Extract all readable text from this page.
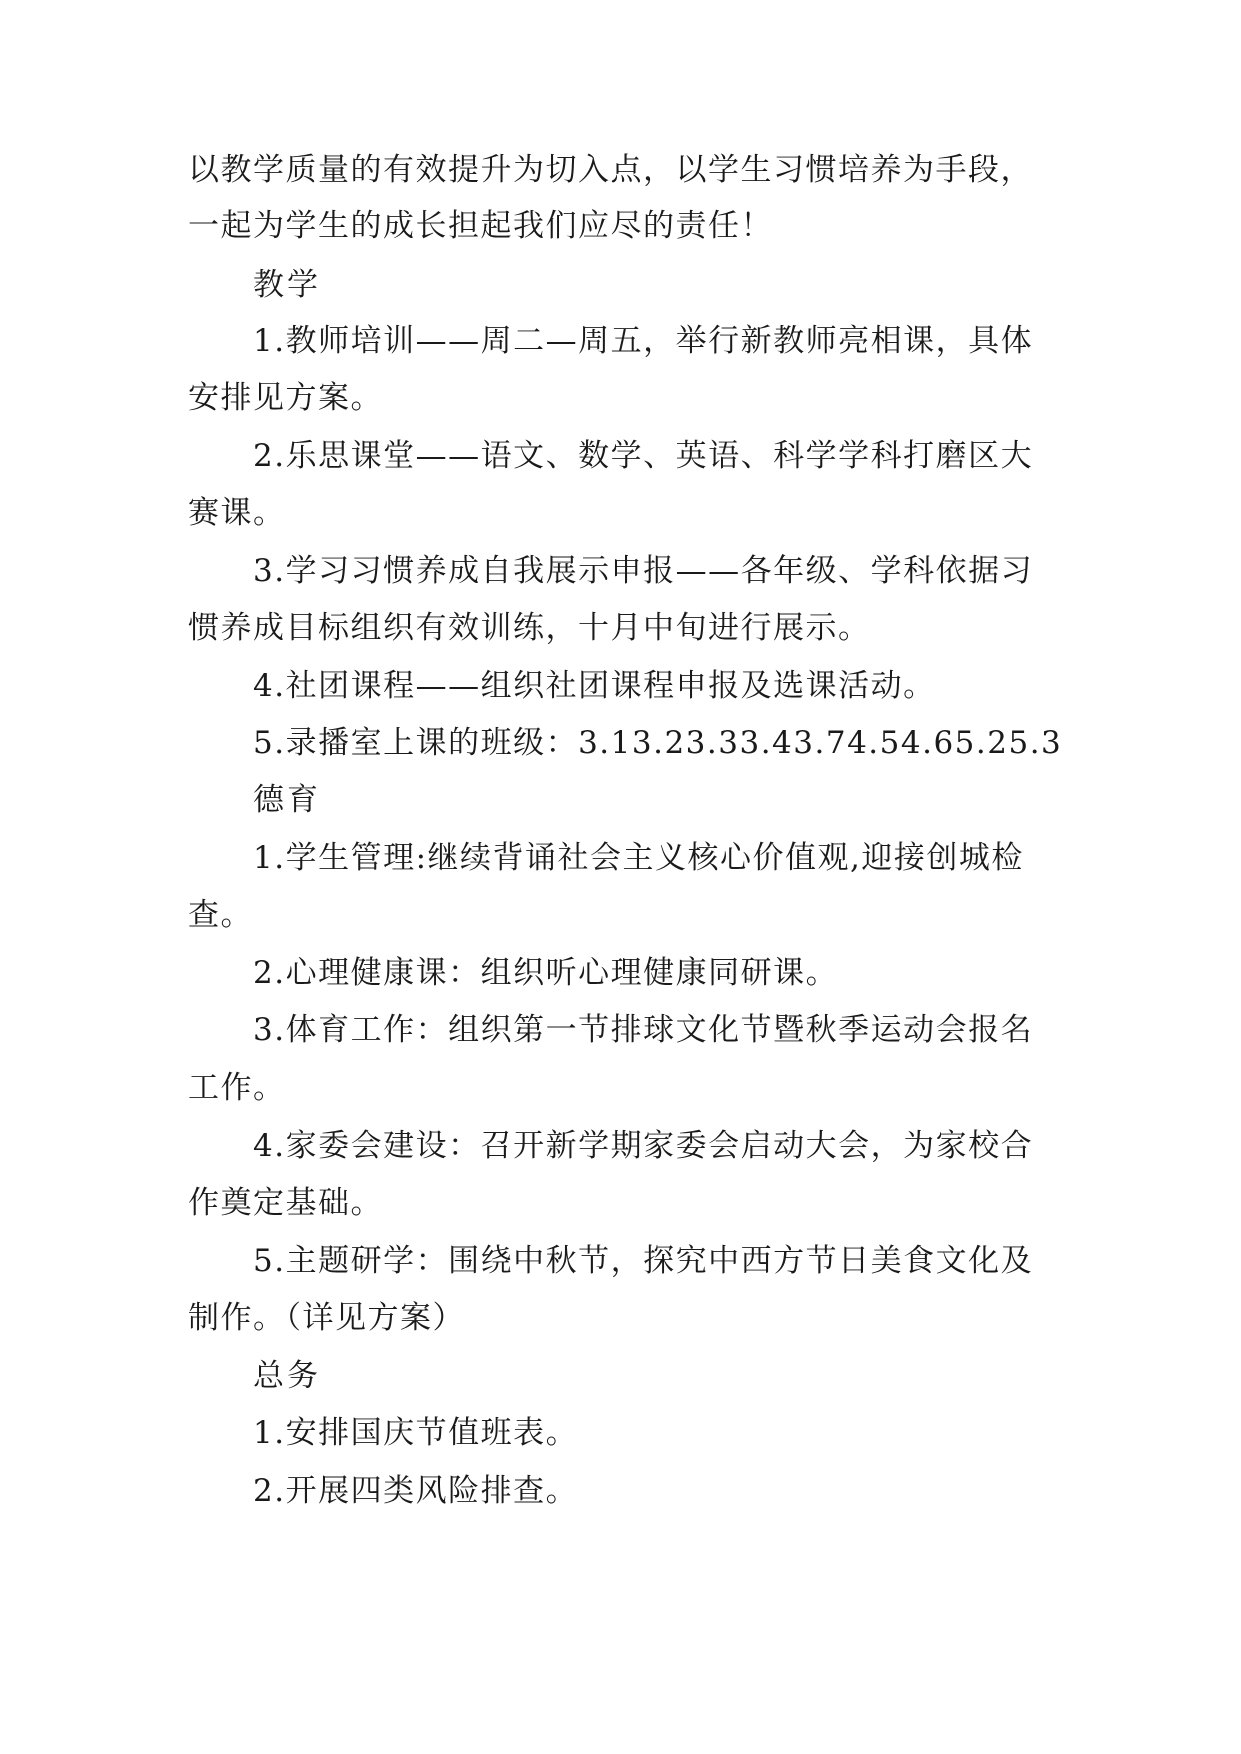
以教学质量的有效提升为切入点，以学生习惯培养为手段，
一起为学生的成长担起我们应尽的责任！
教学
1.教师培训——周二—周五，举行新教师亮相课，具体
安排见方案。
2.乐思课堂——语文、数学、英语、科学学科打磨区大
赛课。
3.学习习惯养成自我展示申报——各年级、学科依据习
惯养成目标组织有效训练，十月中旬进行展示。
4.社团课程——组织社团课程申报及选课活动。
5.录播室上课的班级：3.13.23.33.43.74.54.65.25.3
德育
1.学生管理:继续背诵社会主义核心价值观,迎接创城检
查。
2.心理健康课：组织听心理健康同研课。
3.体育工作：组织第一节排球文化节暨秋季运动会报名
工作。
4.家委会建设：召开新学期家委会启动大会，为家校合
作奠定基础。
5.主题研学：围绕中秋节，探究中西方节日美食文化及
制作。（详见方案）
总务
1.安排国庆节值班表。
2.开展四类风险排查。
